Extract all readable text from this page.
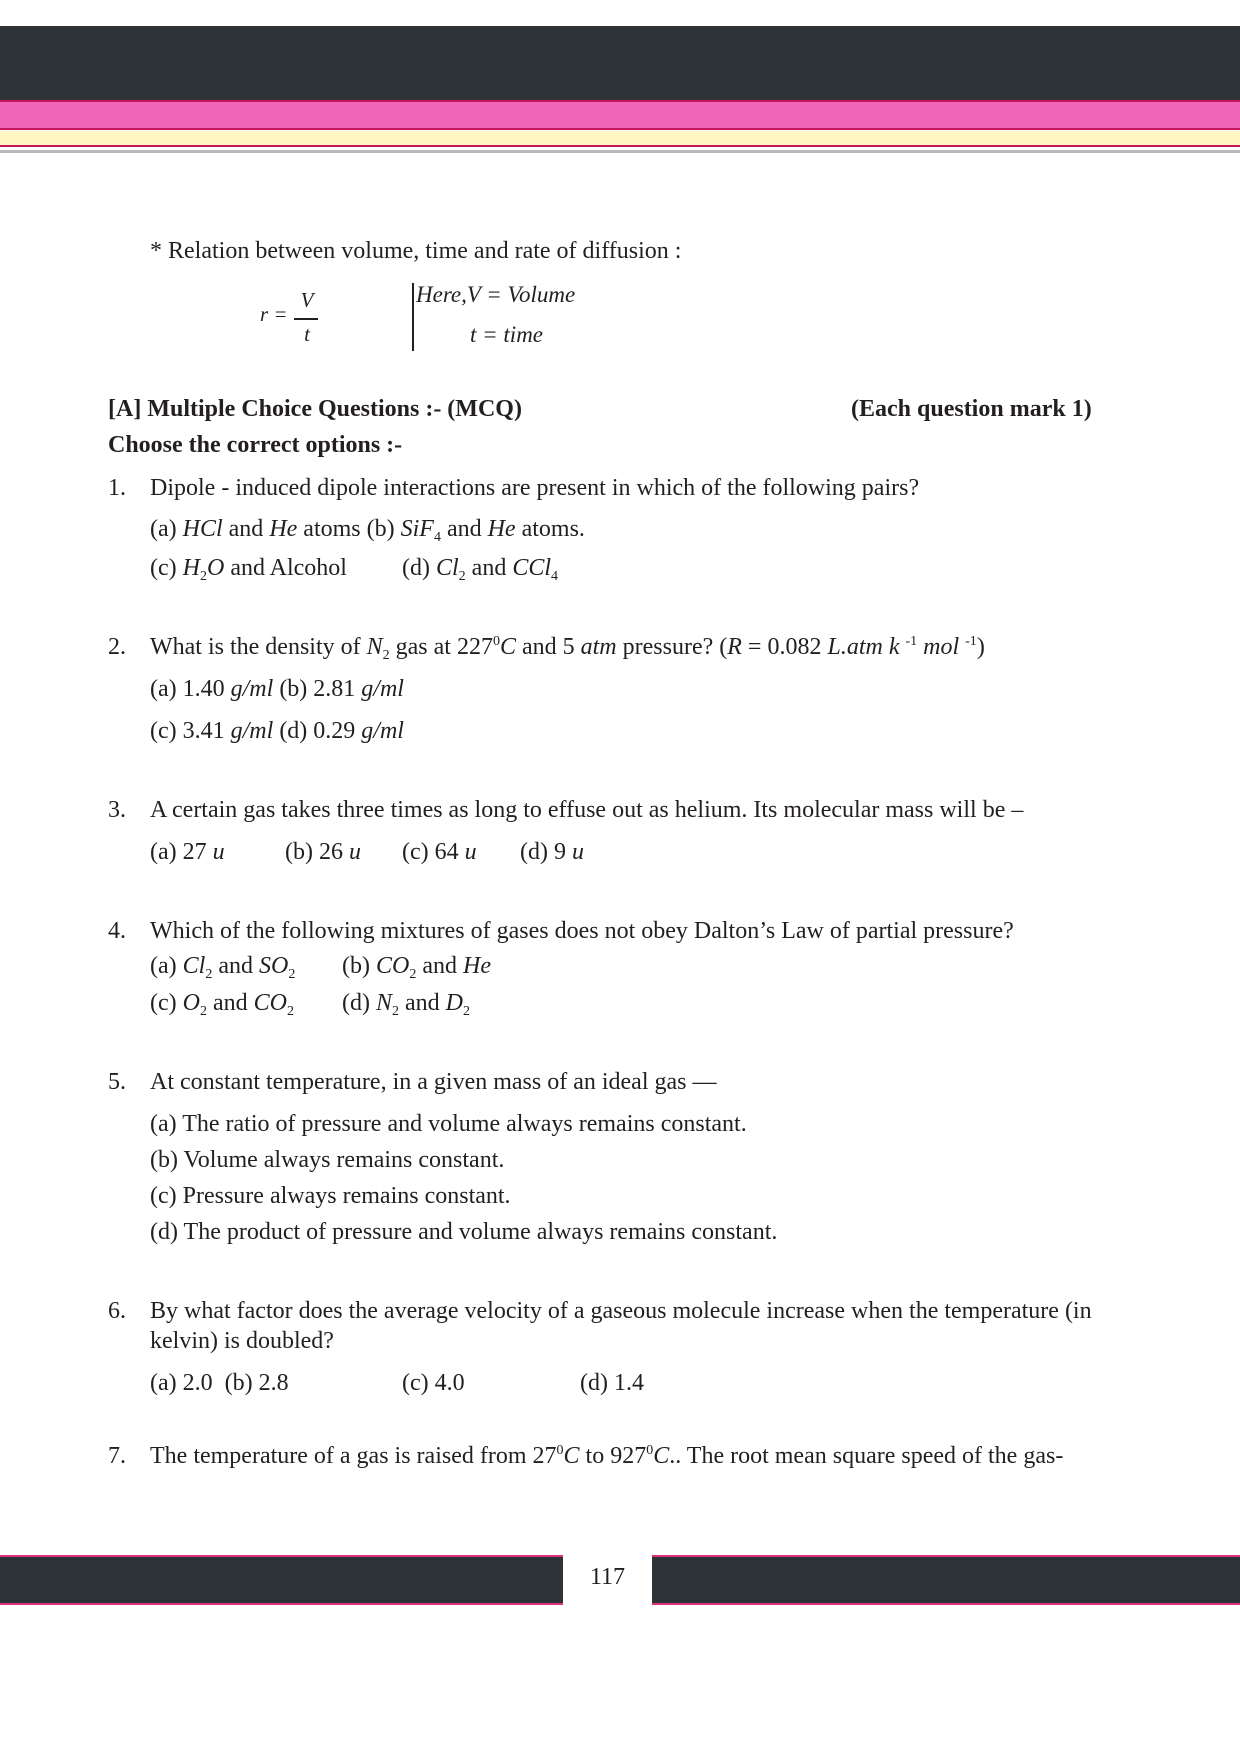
* Relation between volume, time and rate of diffusion :
r =
V
t
Here,V = Volume
t = time
[A] Multiple Choice Questions :- (MCQ)	(Each question mark 1)
Choose the correct options :-
1. Dipole - induced dipole interactions are present in which of the following pairs?
(a) HCl and He atoms (b) SiF$_4$ and He atoms.
(c) $H_2O$ and Alcohol (d) $Cl_2$ and CCl$_4$
2. What is the density of $N_2$ gas at $227^0C$ and 5 atm pressure? (R = 0.082 L.atm k $^{-1}$ mol $^{-1}$)
(a) 1.40 g/ml (b) 2.81 g/ml
(c) 3.41 g/ml (d) 0.29 g/ml
3. A certain gas takes three times as long to effuse out as helium. Its molecular mass will be –
(a) 27 u	(b) 26 u (c) 64 u (d) 9 u
4. Which of the following mixtures of gases does not obey Dalton’s Law of partial pressure?
(a) $Cl_2$ and $SO_2$ (b) $CO_2$ and He
(c) $O_2$ and $CO_2$ (d) $N_2$ and $D_2$
5. At constant temperature, in a given mass of an ideal gas —
(a) The ratio of pressure and volume always remains constant.
(b) Volume always remains constant.
(c) Pressure always remains constant.
(d) The product of pressure and volume always remains constant.
6. By what factor does the average velocity of a gaseous molecule increase when the temperature (in
kelvin) is doubled?
(a) 2.0  (b) 2.8	(c) 4.0	(d) 1.4
7. The temperature of a gas is raised from $27^0C$ to $927^0C$.. The root mean square speed of the gas-
117
